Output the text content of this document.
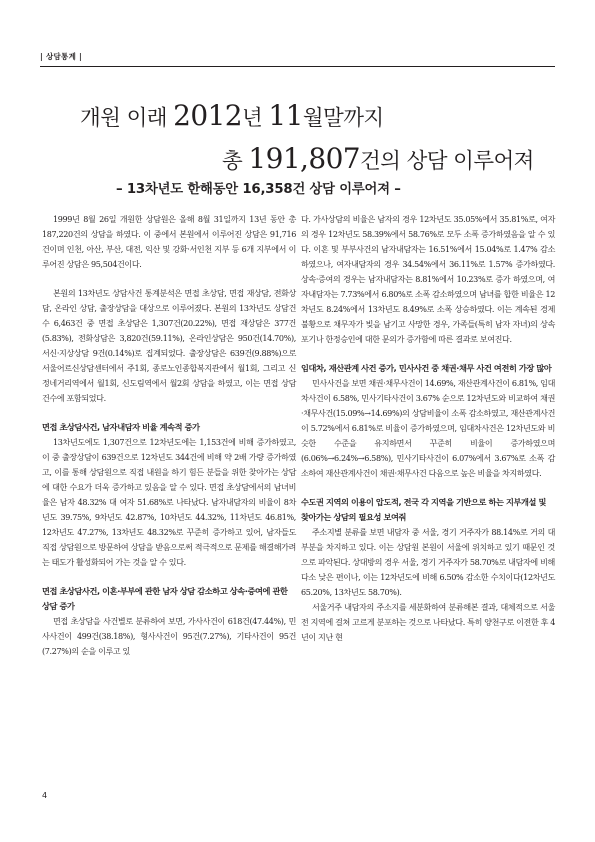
| 상담통계 |
개원 이래 2012년 11월말까지
총 191,807건의 상담 이루어져
– 13차년도 한해동안 16,358건 상담 이루어져 –

1999년 8월 26일 개원한 상담원은 올해 8월 31일까지 13년 동안 총 187,220건의 상담을 하였다. 이 중에서 본원에서 이루어진 상담은 91,716건이며 인천, 아산, 부산, 대전, 익산 및 강화·서인천 지부 등 6개 지부에서 이루어진 상담은 95,504건이다.

본원의 13차년도 상담사건 통계분석은 면접 초상담, 면접 재상담, 전화상담, 온라인 상담, 출장상담을 대상으로 이루어졌다. 본원의 13차년도 상담건수 6,463건 중 면접 초상담은 1,307건(20.22%), 면접 재상담은 377건(5.83%), 전화상담은 3,820건(59.11%), 온라인상담은 950건(14.70%), 서신·지상상담 9건(0.14%)로 집계되었다. 출장상담은 639건(9.88%)으로 서울어르신상담센터에서 주1회, 종로노인종합복지관에서 월1회, 그리고 신정네거리역에서 월1회, 신도림역에서 월2회 상담을 하였고, 이는 면접 상담건수에 포함되었다.

면접 초상담사건, 남자내담자 비율 계속적 증가

13차년도에도 1,307건으로 12차년도에는 1,153건에 비해 증가하였고, 이 중 출장상담이 639건으로 12차년도 344건에 비해 약 2배 가량 증가하였고, 이를 통해 상담원으로 직접 내원을 하기 힘든 분들을 위한 찾아가는 상담에 대한 수요가 더욱 증가하고 있음을 알 수 있다. 면접 초상담에서의 남녀비율은 남자 48.32% 대 여자 51.68%로 나타났다. 남자내담자의 비율이 8차년도 39.75%, 9차년도 42.87%, 10차년도 44.32%, 11차년도 46.81%, 12차년도 47.27%, 13차년도 48.32%로 꾸준히 증가하고 있어, 남자들도 직접 상담원으로 방문하여 상담을 받음으로써 적극적으로 문제를 해결해가려는 태도가 활성화되어 가는 것을 알 수 있다.

면접 초상담사건, 이혼·부부에 관한 남자 상담 감소하고 상속·증여에 관한 상담 증가

면접 초상담을 사건별로 분류하여 보면, 가사사건이 618건(47.44%), 민사사건이 499건(38.18%), 형사사건이 95건(7.27%), 기타사건이 95건(7.27%)의 순을 이루고 있

다. 가사상담의 비율은 남자의 경우 12차년도 35.05%에서 35.81%로, 여자의 경우 12차년도 58.39%에서 58.76%로 모두 소폭 증가하였음을 알 수 있다. 이혼 및 부부사건의 남자내담자는 16.51%에서 15.04%로 1.47% 감소하였으나, 여자내담자의 경우 34.54%에서 36.11%로 1.57% 증가하였다. 상속·증여의 경우는 남자내담자는 8.81%에서 10.23%로 증가 하였으며, 여자내담자는 7.73%에서 6.80%로 소폭 감소하였으며 남녀를 합한 비율은 12차년도 8.24%에서 13차년도 8.49%로 소폭 상승하였다. 이는 계속된 경제불황으로 채무자가 빚을 남기고 사망한 경우, 가족들(특히 남자 자녀)의 상속포기나 한정승인에 대한 문의가 증가함에 따른 결과로 보여진다.

임대차, 재산관계 사건 증가, 민사사건 중 채권·채무 사건 여전히 가장 많아

민사사건을 보면 채권·채무사건이 14.69%, 재산관계사건이 6.81%, 임대차사건이 6.58%, 민사기타사건이 3.67% 순으로 12차년도와 비교하여 채권·채무사건(15.09%→14.69%)의 상담비율이 소폭 감소하였고, 재산관계사건이 5.72%에서 6.81%로 비율이 증가하였으며, 임대차사건은 12차년도와 비슷한 수준을 유지하면서 꾸준히 비율이 증가하였으며(6.06%→6.24%→6.58%), 민사기타사건이 6.07%에서 3.67%로 소폭 감소하여 재산관계사건이 채권·채무사건 다음으로 높은 비율을 차지하였다.

수도권 지역의 이용이 압도적, 전국 각 지역을 기반으로 하는 지부개설 및 찾아가는 상담의 필요성 보여줘

주소지별 분류를 보면 내담자 중 서울, 경기 거주자가 88.14%로 거의 대부분을 차지하고 있다. 이는 상담원 본원이 서울에 위치하고 있기 때문인 것으로 파악된다. 상대방의 경우 서울, 경기 거주자가 58.70%로 내담자에 비해 다소 낮은 편이나, 이는 12차년도에 비해 6.50% 감소한 수치이다(12차년도 65.20%, 13차년도 58.70%).

서울거주 내담자의 주소지를 세분화하여 분류해본 결과, 대체적으로 서울 전 지역에 걸쳐 고르게 분포하는 것으로 나타났다. 특히 양천구로 이전한 후 4년이 지난 현

4
